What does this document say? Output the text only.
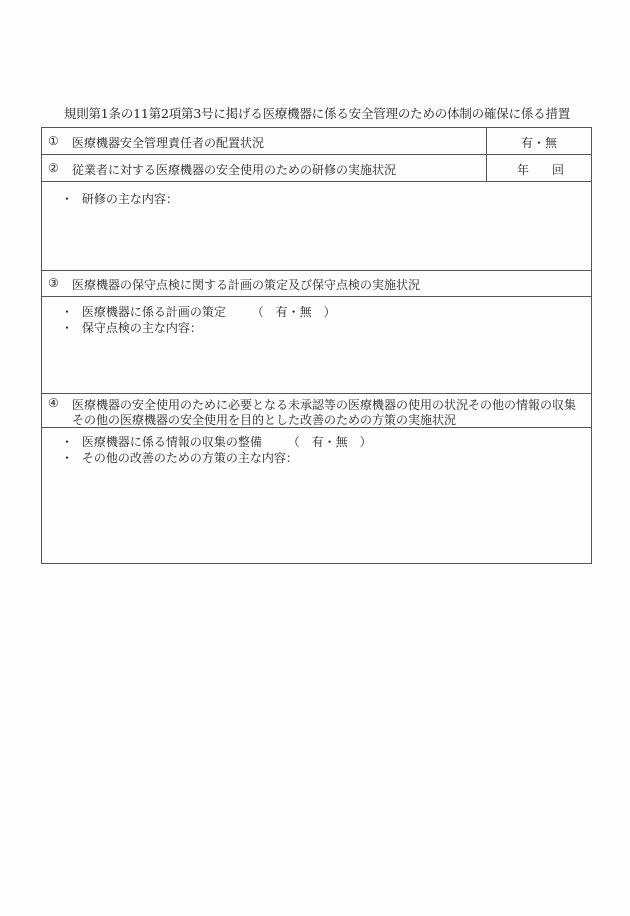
規則第1条の11第2項第3号に掲げる医療機器に係る安全管理のための体制の確保に係る措置
① 医療機器安全管理責任者の配置状況	有・無
② 従業者に対する医療機器の安全使用のための研修の実施状況	年 回
・ 研修の主な内容：
③ 医療機器の保守点検に関する計画の策定及び保守点検の実施状況
・ 医療機器に係る計画の策定 （　有・無　）
・ 保守点検の主な内容：
④ 医療機器の安全使用のために必要となる未承認等の医療機器の使用の状況その他の情報の収集
その他の医療機器の安全使用を目的とした改善のための方策の実施状況
・ 医療機器に係る情報の収集の整備 （　有・無　）
・ その他の改善のための方策の主な内容：
